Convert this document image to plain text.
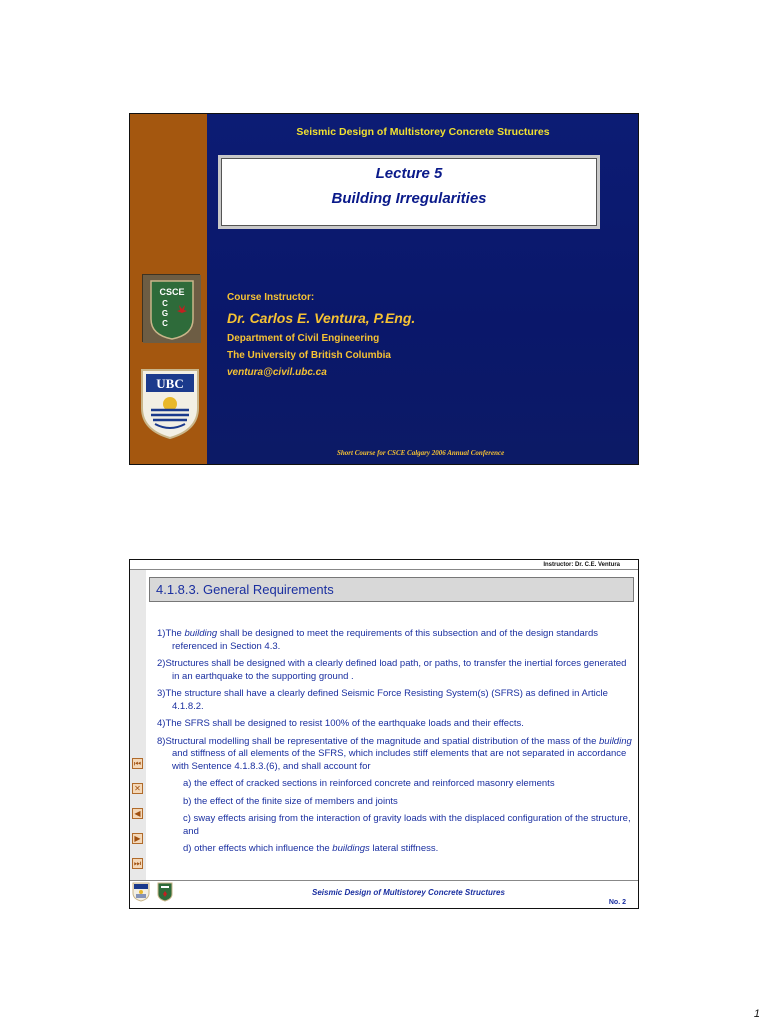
Seismic Design of Multistorey Concrete Structures
Lecture 5
Building Irregularities
CSCE
C
G
C
UBC
Course Instructor:
Dr. Carlos E. Ventura, P.Eng.
Department of Civil Engineering
The University of British Columbia
ventura@civil.ubc.ca
Short Course for CSCE Calgary 2006 Annual Conference
Instructor: Dr. C.E. Ventura
⏮
✕
◀
▶
⏭
4.1.8.3. General Requirements
1)The building shall be designed to meet the requirements of this subsection and of the design standards referenced in Section 4.3.
2)Structures shall be designed with a clearly defined load path, or paths, to transfer the inertial forces generated in an earthquake to the supporting ground .
3)The structure shall have a clearly defined Seismic Force Resisting System(s) (SFRS) as defined in Article 4.1.8.2.
4)The SFRS shall be designed to resist 100% of the earthquake loads and their effects.
8)Structural modelling shall be representative of the magnitude and spatial distribution of the mass of the building and stiffness of all elements of the SFRS, which includes stiff elements that are not separated in accordance with Sentence 4.1.8.3.(6), and shall account for
a) the effect of cracked sections in reinforced concrete and reinforced masonry elements
b) the effect of the finite size of members and joints
c) sway effects arising from the interaction of gravity loads with the displaced configuration of the structure, and
d) other effects which influence the buildings lateral stiffness.
Seismic Design of Multistorey Concrete Structures
No. 2
1
